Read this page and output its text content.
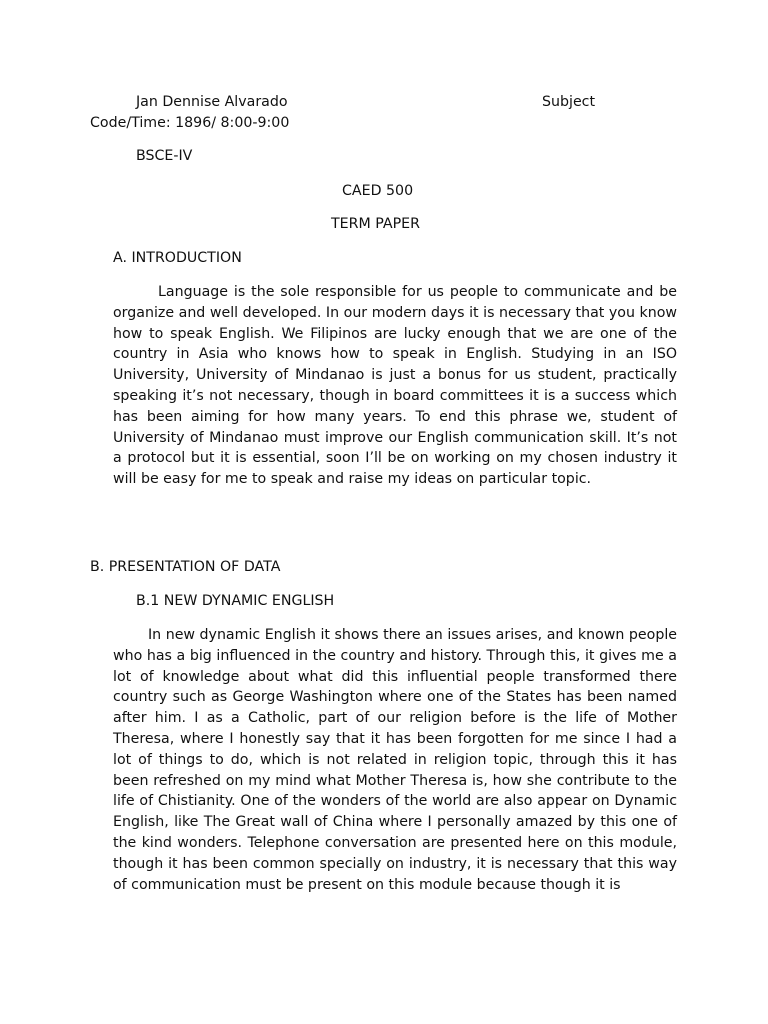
Jan Dennise Alvarado	Subject
Code/Time: 1896/ 8:00-9:00
BSCE-IV
CAED 500
TERM PAPER
A. INTRODUCTION
Language is the sole responsible for us people to communicate and be organize and well developed. In our modern days it is necessary that you know how to speak English. We Filipinos are lucky enough that we are one of the country in Asia who knows how to speak in English. Studying in an ISO University, University of Mindanao is just a bonus for us student, practically speaking it’s not necessary, though in board committees it is a success which has been aiming for how many years. To end this phrase we, student of University of Mindanao must improve our English communication skill. It’s not a protocol but it is essential, soon I’ll be on working on my chosen industry it will be easy for me to speak and raise my ideas on particular topic.
B. PRESENTATION OF DATA
B.1 NEW DYNAMIC ENGLISH
In new dynamic English it shows there an issues arises, and known people who has a big influenced in the country and history. Through this, it gives me a lot of knowledge about what did this influential people transformed there country such as George Washington where one of the States has been named after him. I as a Catholic, part of our religion before is the life of Mother Theresa, where I honestly say that it has been forgotten for me since I had a lot of things to do, which is not related in religion topic, through this it has been refreshed on my mind what Mother Theresa is, how she contribute to the life of Chistianity. One of the wonders of the world are also appear on Dynamic English, like The Great wall of China where I personally amazed by this one of the kind wonders. Telephone conversation are presented here on this module, though it has been common specially on industry, it is necessary that this way of communication must be present on this module because though it is
